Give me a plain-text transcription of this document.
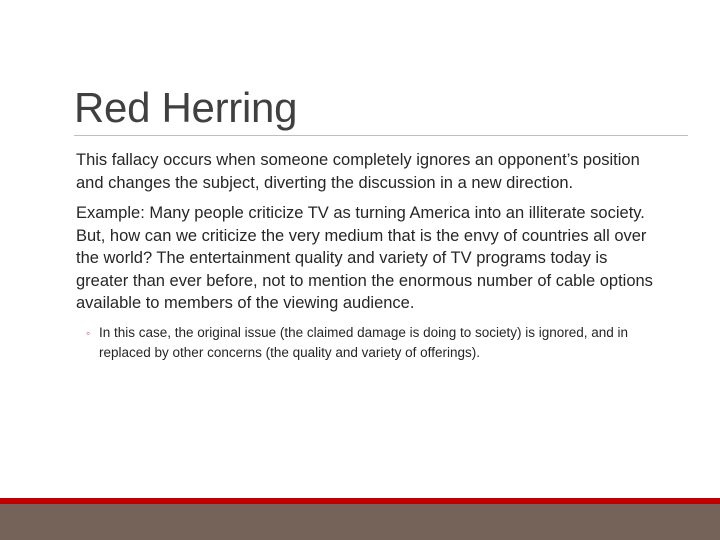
Red Herring

This fallacy occurs when someone completely ignores an opponent’s position and changes the subject, diverting the discussion in a new direction.

Example: Many people criticize TV as turning America into an illiterate society. But, how can we criticize the very medium that is the envy of countries all over the world? The entertainment quality and variety of TV programs today is greater than ever before, not to mention the enormous number of cable options available to members of the viewing audience.

◦ In this case, the original issue (the claimed damage is doing to society) is ignored, and in replaced by other concerns (the quality and variety of offerings).
